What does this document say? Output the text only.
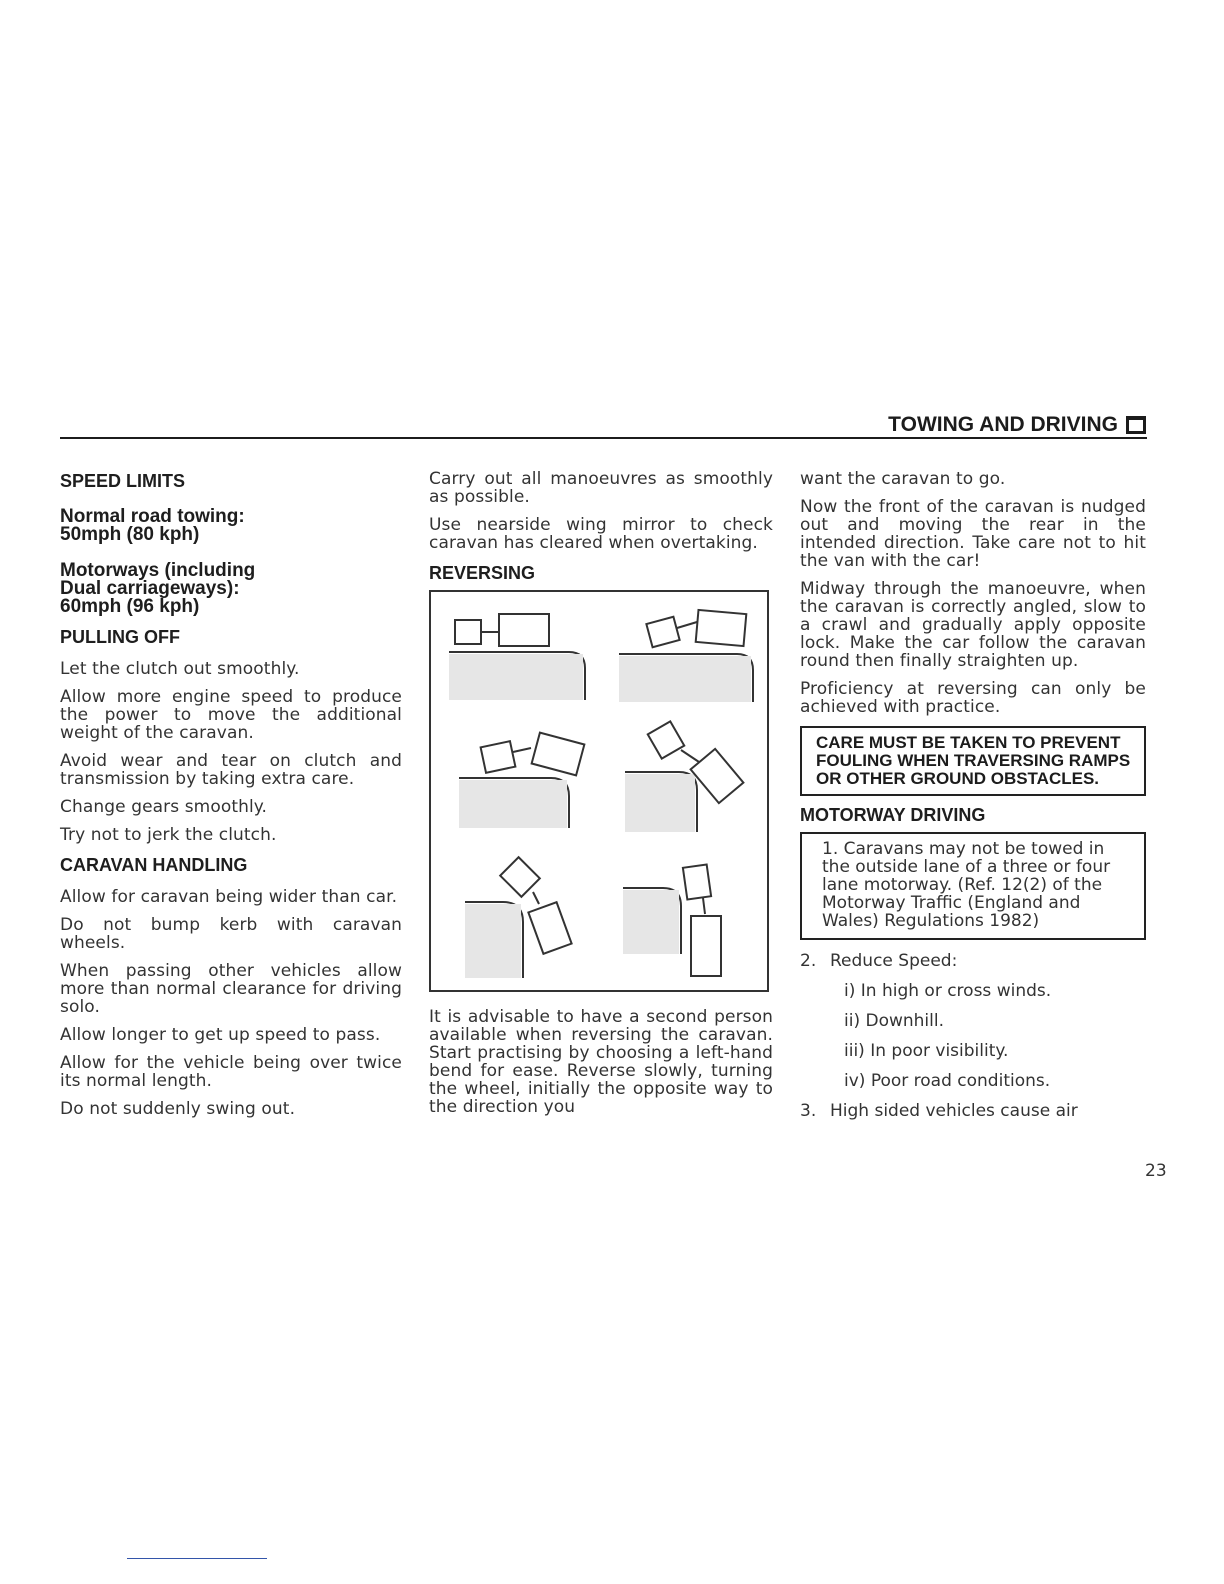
TOWING AND DRIVING
SPEED LIMITS
Normal road towing:
50mph (80 kph)
Motorways (including
Dual carriageways):
60mph (96 kph)
PULLING OFF

Let the clutch out smoothly.

Allow more engine speed to produce the power to move the additional weight of the caravan.

Avoid wear and tear on clutch and transmission by taking extra care.

Change gears smoothly.

Try not to jerk the clutch.

CARAVAN HANDLING

Allow for caravan being wider than car.

Do not bump kerb with caravan wheels.

When passing other vehicles allow more than normal clearance for driving solo.

Allow longer to get up speed to pass.

Allow for the vehicle being over twice its normal length.

Do not suddenly swing out.

Carry out all manoeuvres as smoothly as possible.

Use nearside wing mirror to check caravan has cleared when overtaking.

REVERSING

It is advisable to have a second person available when reversing the caravan. Start practising by choosing a left-hand bend for ease. Reverse slowly, turning the wheel, initially the opposite way to the direction you

want the caravan to go.

Now the front of the caravan is nudged out and moving the rear in the intended direction. Take care not to hit the van with the car!

Midway through the manoeuvre, when the caravan is correctly angled, slow to a crawl and gradually apply opposite lock. Make the car follow the caravan round then finally straighten up.

Proficiency at reversing can only be achieved with practice.

CARE MUST BE TAKEN TO PREVENT FOULING WHEN TRAVERSING RAMPS OR OTHER GROUND OBSTACLES.
MOTORWAY DRIVING
1. Caravans may not be towed in the outside lane of a three or four lane motorway. (Ref. 12(2) of the Motorway Traffic (England and Wales) Regulations 1982)
2. Reduce Speed:
i) In high or cross winds.
ii) Downhill.
iii) In poor visibility.
iv) Poor road conditions.
3. High sided vehicles cause air
23
